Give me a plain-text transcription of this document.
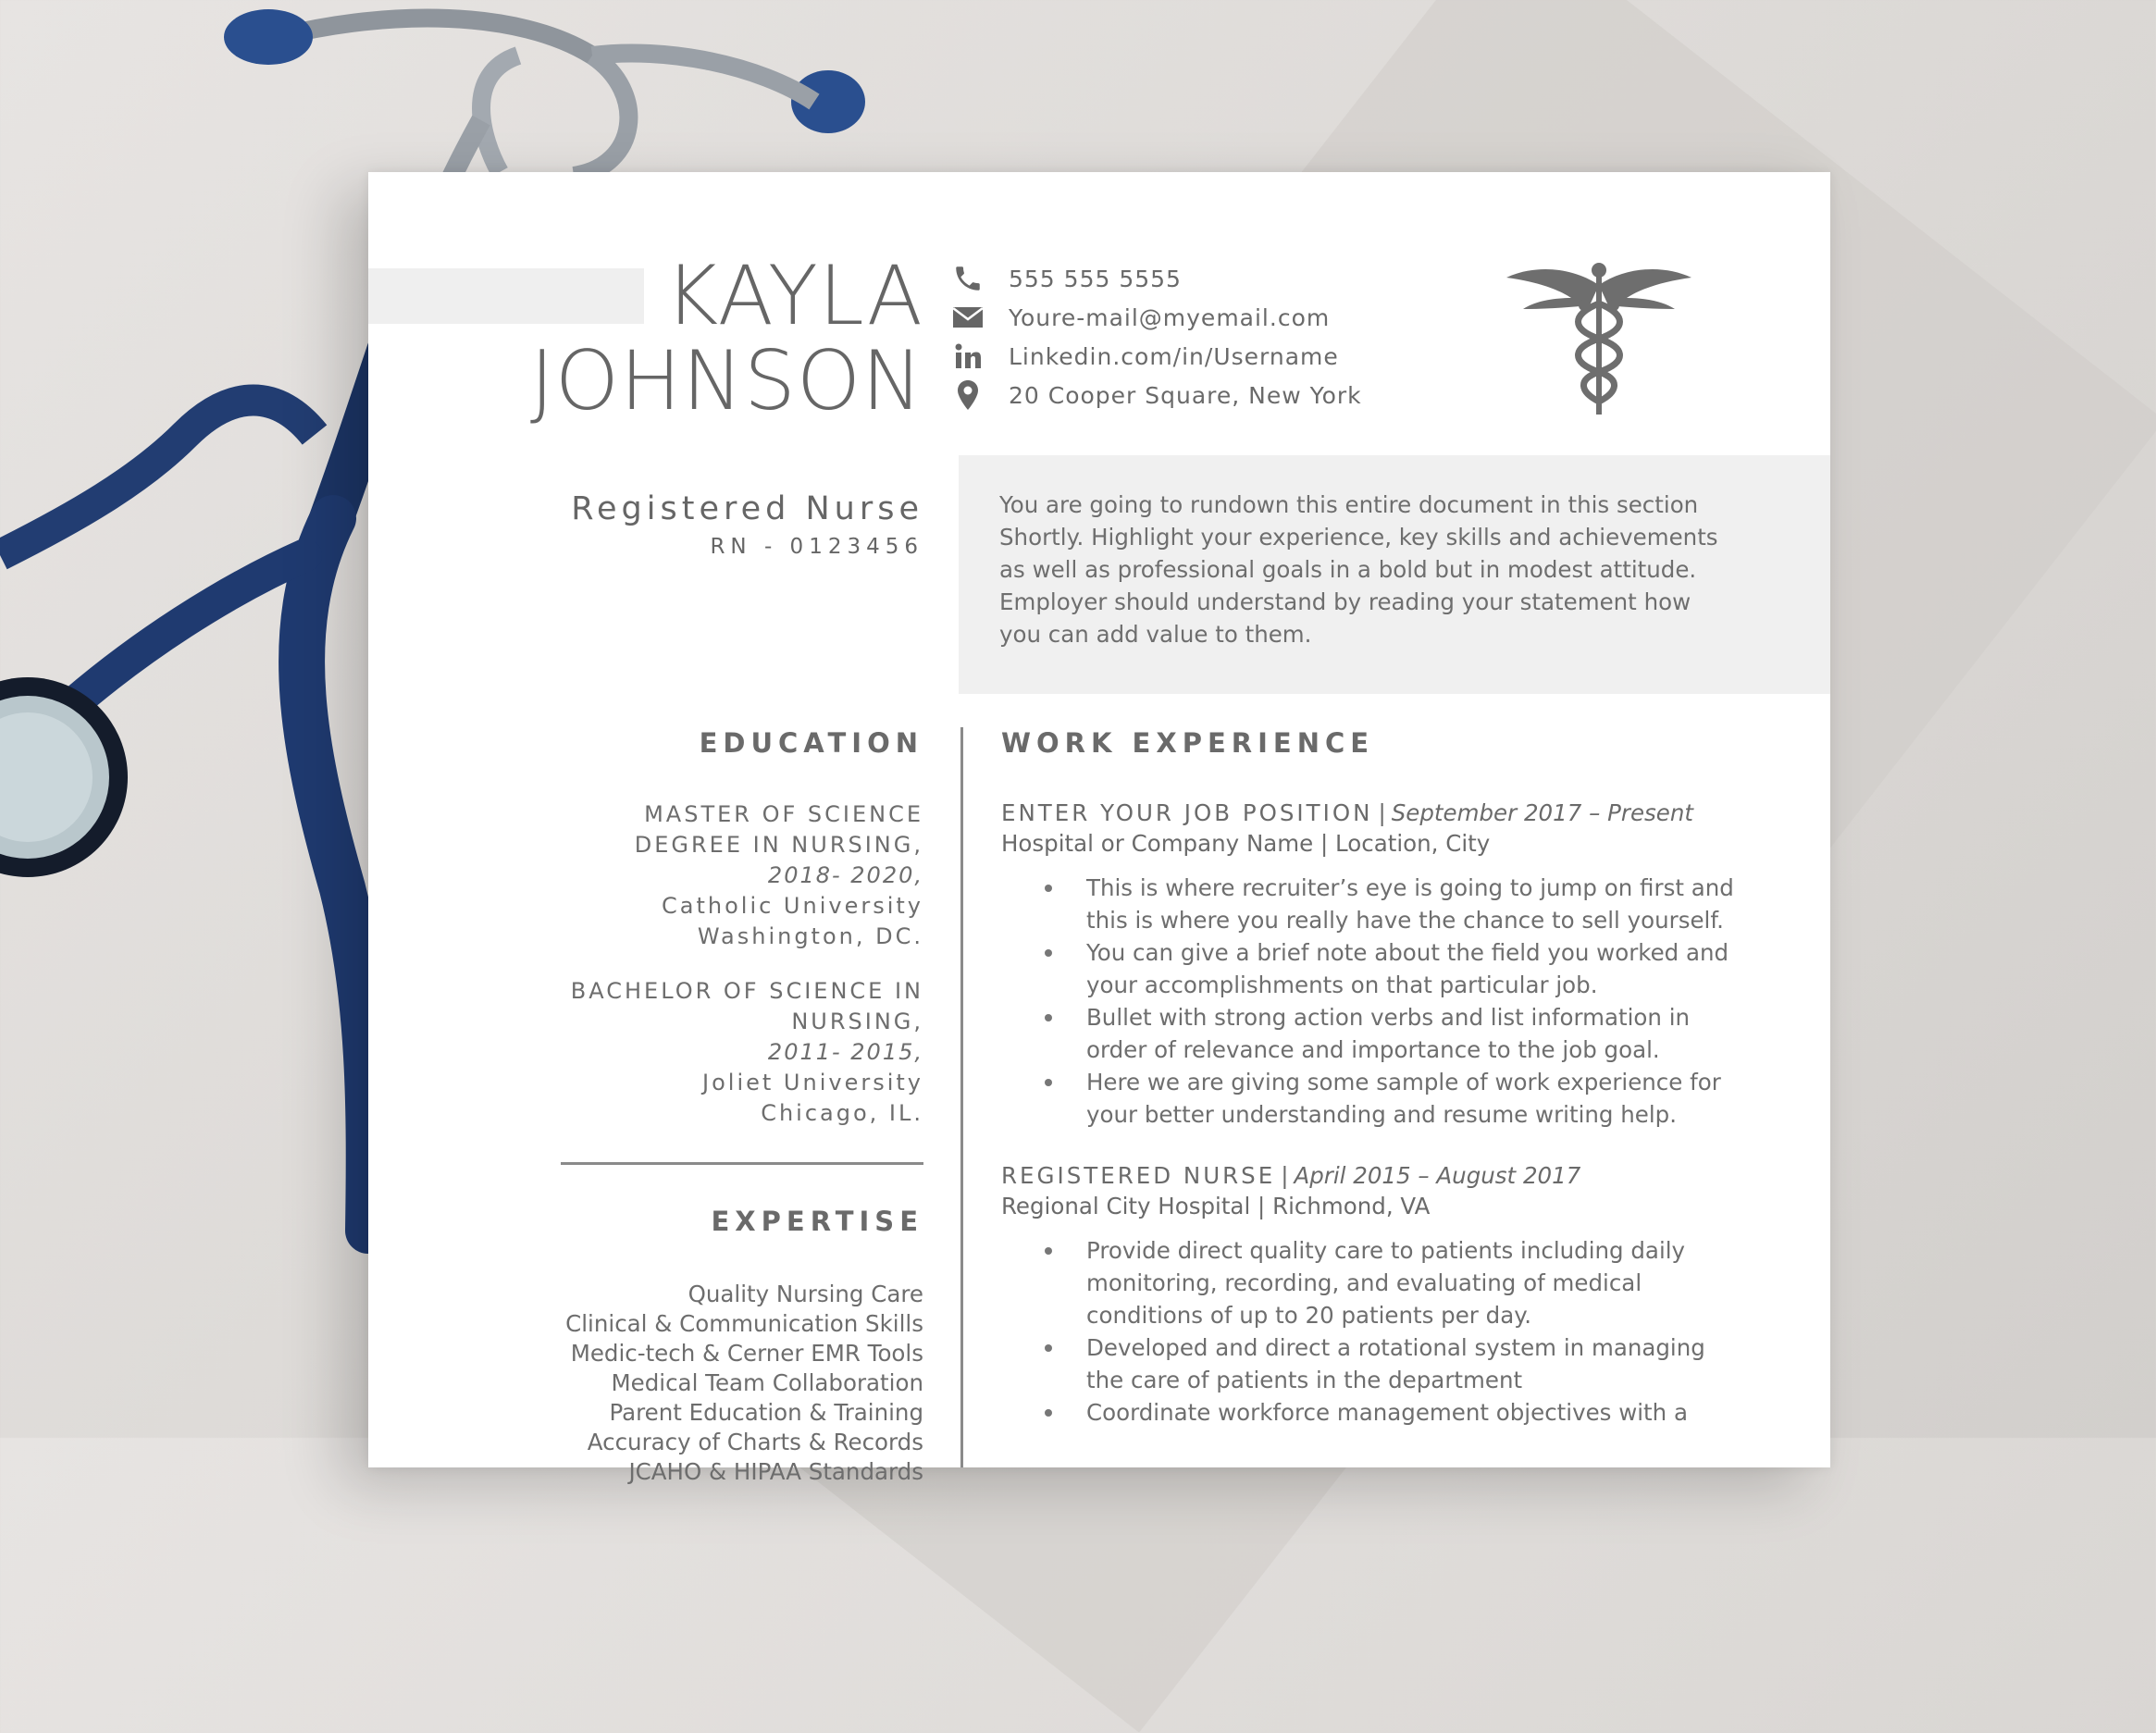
KAYLA
JOHNSON
555 555 5555
Youre-mail@myemail.com
Linkedin.com/in/Username
20 Cooper Square, New York
Registered Nurse
RN - 0123456

You are going to rundown this entire document in this section Shortly. Highlight your experience, key skills and achievements as well as professional goals in a bold but in modest attitude. Employer should understand by reading your statement how you can add value to them.

EDUCATION
MASTER OF SCIENCE DEGREE IN NURSING,
2018- 2020,
Catholic University
Washington, DC.
BACHELOR OF SCIENCE IN NURSING,
2011- 2015,
Joliet University
Chicago, IL.
EXPERTISE
Quality Nursing Care
Clinical & Communication Skills
Medic-tech & Cerner EMR Tools
Medical Team Collaboration
Parent Education & Training
Accuracy of Charts & Records
JCAHO & HIPAA Standards
WORK EXPERIENCE
ENTER YOUR JOB POSITION | September 2017 – Present
Hospital or Company Name | Location, City
This is where recruiter’s eye is going to jump on first and this is where you really have the chance to sell yourself.
You can give a brief note about the field you worked and your accomplishments on that particular job.
Bullet with strong action verbs and list information in order of relevance and importance to the job goal.
Here we are giving some sample of work experience for your better understanding and resume writing help.
REGISTERED NURSE | April 2015 – August 2017
Regional City Hospital | Richmond, VA
Provide direct quality care to patients including daily monitoring, recording, and evaluating of medical conditions of up to 20 patients per day.
Developed and direct a rotational system in managing the care of patients in the department
Coordinate workforce management objectives with a
